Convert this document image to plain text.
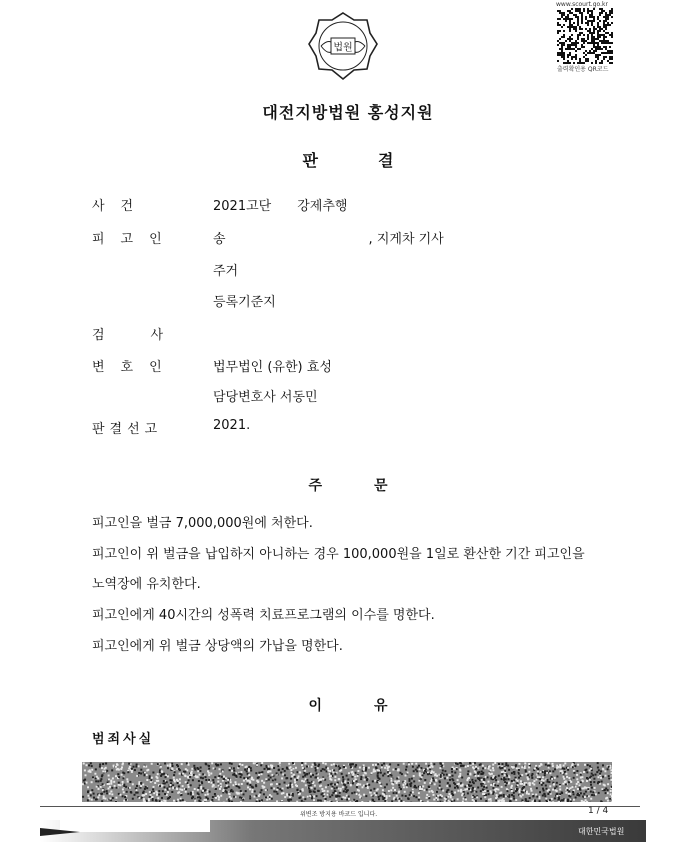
www.scourt.go.kr
출력확인용 QR코드
법원
대전지방법원 홍성지원
판결
사건	2021고단　　강제추행
피고인	송　　　　　　　　　　　, 지게차 기사
주거
등록기준지
검사
변호인	법무법인 (유한) 효성
담당변호사 서동민
판결선고	2021.
주문
피고인을 벌금 7,000,000원에 처한다.
피고인이 위 벌금을 납입하지 아니하는 경우 100,000원을 1일로 환산한 기간 피고인을
노역장에 유치한다.
피고인에게 40시간의 성폭력 치료프로그램의 이수를 명한다.
피고인에게 위 벌금 상당액의 가납을 명한다.
이유
범죄사실
위변조 방지용 바코드 입니다.	1 / 4
대한민국법원
